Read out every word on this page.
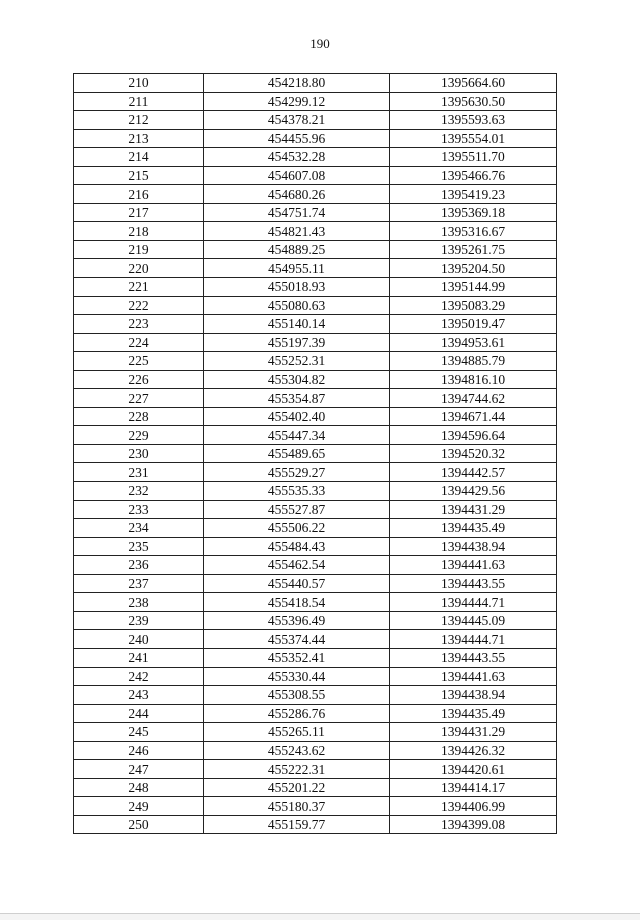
190
210	454218.80	1395664.60
211	454299.12	1395630.50
212	454378.21	1395593.63
213	454455.96	1395554.01
214	454532.28	1395511.70
215	454607.08	1395466.76
216	454680.26	1395419.23
217	454751.74	1395369.18
218	454821.43	1395316.67
219	454889.25	1395261.75
220	454955.11	1395204.50
221	455018.93	1395144.99
222	455080.63	1395083.29
223	455140.14	1395019.47
224	455197.39	1394953.61
225	455252.31	1394885.79
226	455304.82	1394816.10
227	455354.87	1394744.62
228	455402.40	1394671.44
229	455447.34	1394596.64
230	455489.65	1394520.32
231	455529.27	1394442.57
232	455535.33	1394429.56
233	455527.87	1394431.29
234	455506.22	1394435.49
235	455484.43	1394438.94
236	455462.54	1394441.63
237	455440.57	1394443.55
238	455418.54	1394444.71
239	455396.49	1394445.09
240	455374.44	1394444.71
241	455352.41	1394443.55
242	455330.44	1394441.63
243	455308.55	1394438.94
244	455286.76	1394435.49
245	455265.11	1394431.29
246	455243.62	1394426.32
247	455222.31	1394420.61
248	455201.22	1394414.17
249	455180.37	1394406.99
250	455159.77	1394399.08
